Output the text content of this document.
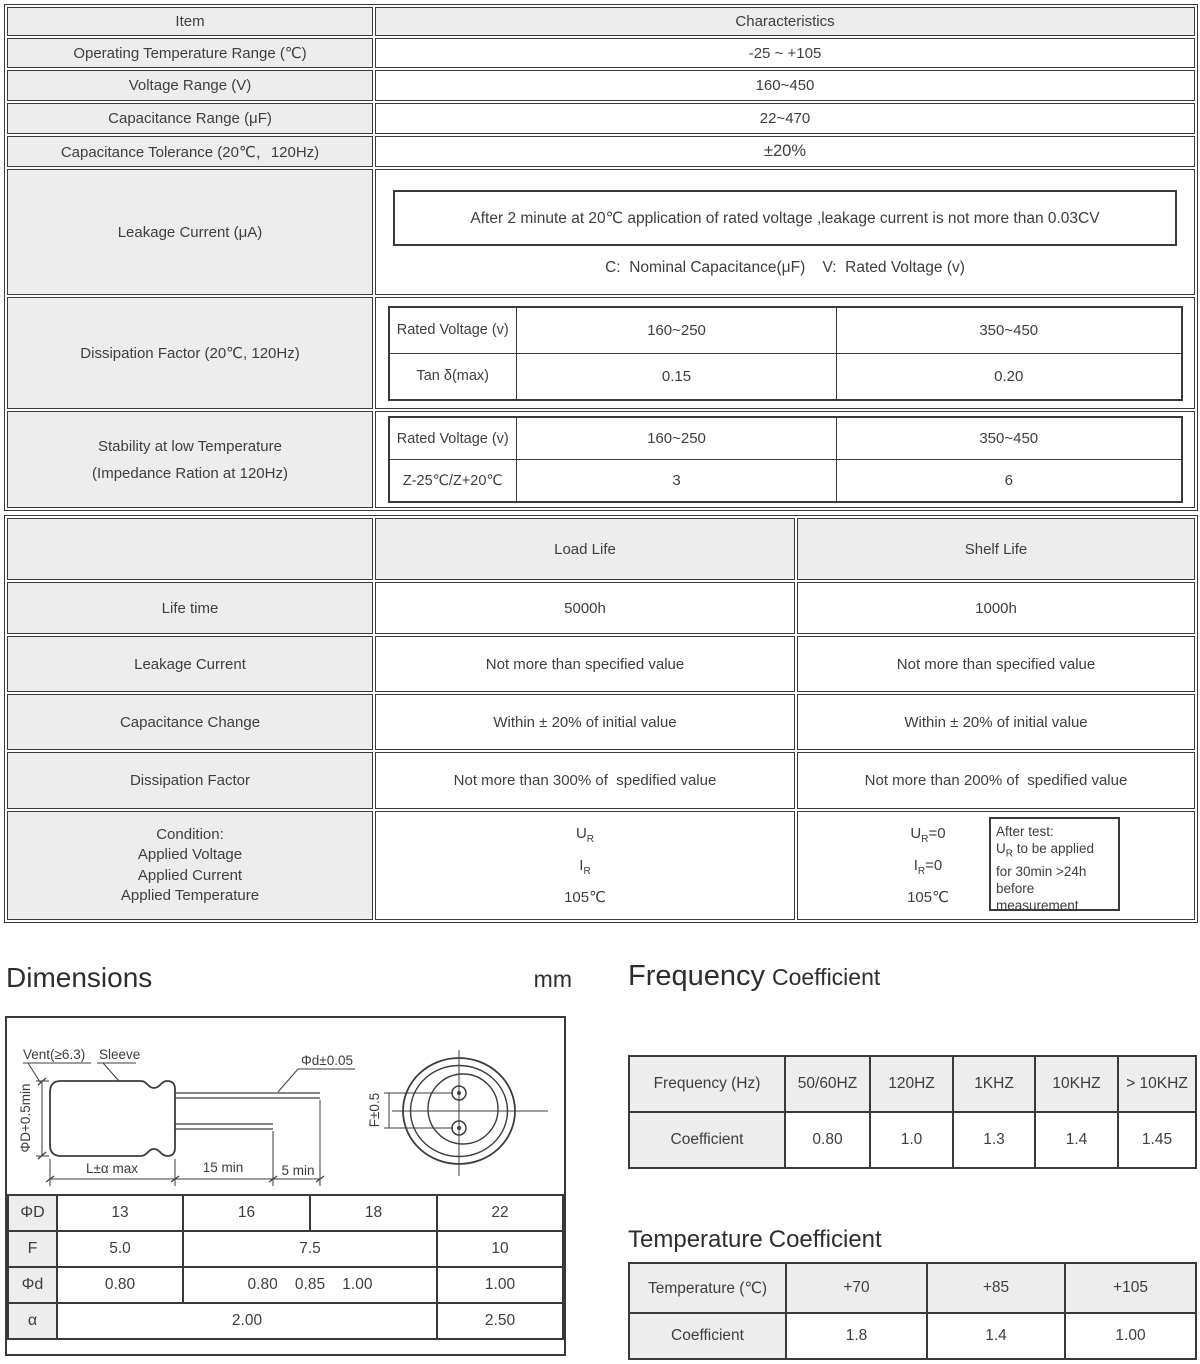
Item	Characteristics
Operating Temperature Range (℃)	-25 ~ +105
Voltage Range (V)	160~450
Capacitance Range (μF)	22~470
Capacitance Tolerance (20℃，120Hz)	±20%
Leakage Current (μA)	
After 2 minute at 20℃ application of rated voltage ,leakage current is not more than 0.03CV
C:  Nominal Capacitance(μF)    V:  Rated Voltage (v)

Dissipation Factor (20℃, 120Hz)	
Rated Voltage (v)	160~250	350~450
Tan δ(max)	0.15	0.20

Stability at low Temperature
(Impedance Ration at 120Hz)

Rated Voltage (v)	160~250	350~450
Z-25℃/Z+20℃	3	6
	Load Life	Shelf Life
Life time	5000h	1000h
Leakage Current	Not more than specified value	Not more than specified value
Capacitance Change	Within ± 20% of initial value	Within ± 20% of initial value
Dissipation Factor	Not more than 300% of  spedified value	Not more than 200% of  spedified value

Condition:
Applied Voltage
Applied Current
Applied Temperature

$U_R$
$I_R$
105℃

$U_R=0$
$I_R=0$
105℃
After test:
$U_R$ to be applied
for 30min >24h
before
measurement
Dimensions	mm
Vent(≥6.3) Sleeve	Φd±0.05
ΦD+0.5min
L±α max	15 min	5 min
F±0.5
ΦD	13	16	18	22
F	5.0	7.5		10
Φd	0.80	0.80    0.85    1.00		1.00
α	2.00			2.50
Frequency Coefficient
Frequency (Hz)	50/60HZ	120HZ	1KHZ	10KHZ	> 10KHZ
Coefficient	0.80	1.0	1.3	1.4	1.45
Temperature Coefficient
Temperature (℃)	+70	+85	+105
Coefficient	1.8	1.4	1.00
